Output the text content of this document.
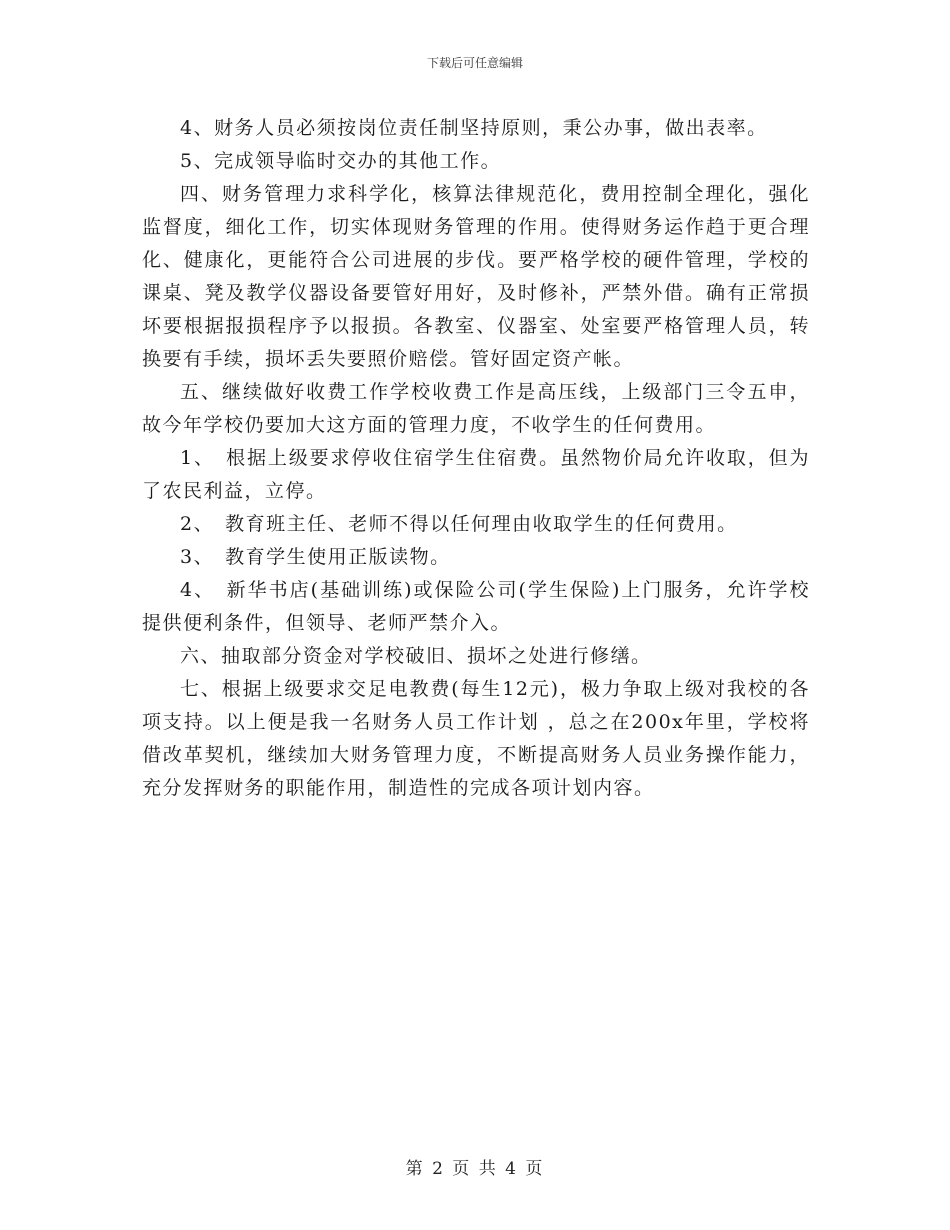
下载后可任意编辑

4、财务人员必须按岗位责任制坚持原则，秉公办事，做出表率。

5、完成领导临时交办的其他工作。

四、财务管理力求科学化，核算法律规范化，费用控制全理化，强化监督度，细化工作，切实体现财务管理的作用。使得财务运作趋于更合理化、健康化，更能符合公司进展的步伐。要严格学校的硬件管理，学校的课桌、凳及教学仪器设备要管好用好，及时修补，严禁外借。确有正常损坏要根据报损程序予以报损。各教室、仪器室、处室要严格管理人员，转换要有手续，损坏丢失要照价赔偿。管好固定资产帐。

五、继续做好收费工作学校收费工作是高压线，上级部门三令五申，故今年学校仍要加大这方面的管理力度，不收学生的任何费用。

1、　根据上级要求停收住宿学生住宿费。虽然物价局允许收取，但为了农民利益，立停。

2、　教育班主任、老师不得以任何理由收取学生的任何费用。

3、　教育学生使用正版读物。

4、　新华书店(基础训练)或保险公司(学生保险)上门服务，允许学校提供便利条件，但领导、老师严禁介入。

六、抽取部分资金对学校破旧、损坏之处进行修缮。

七、根据上级要求交足电教费(每生12元)，极力争取上级对我校的各项支持。以上便是我一名财务人员工作计划 ，总之在200x年里，学校将借改革契机，继续加大财务管理力度，不断提高财务人员业务操作能力，充分发挥财务的职能作用，制造性的完成各项计划内容。

第 2 页 共 4 页
